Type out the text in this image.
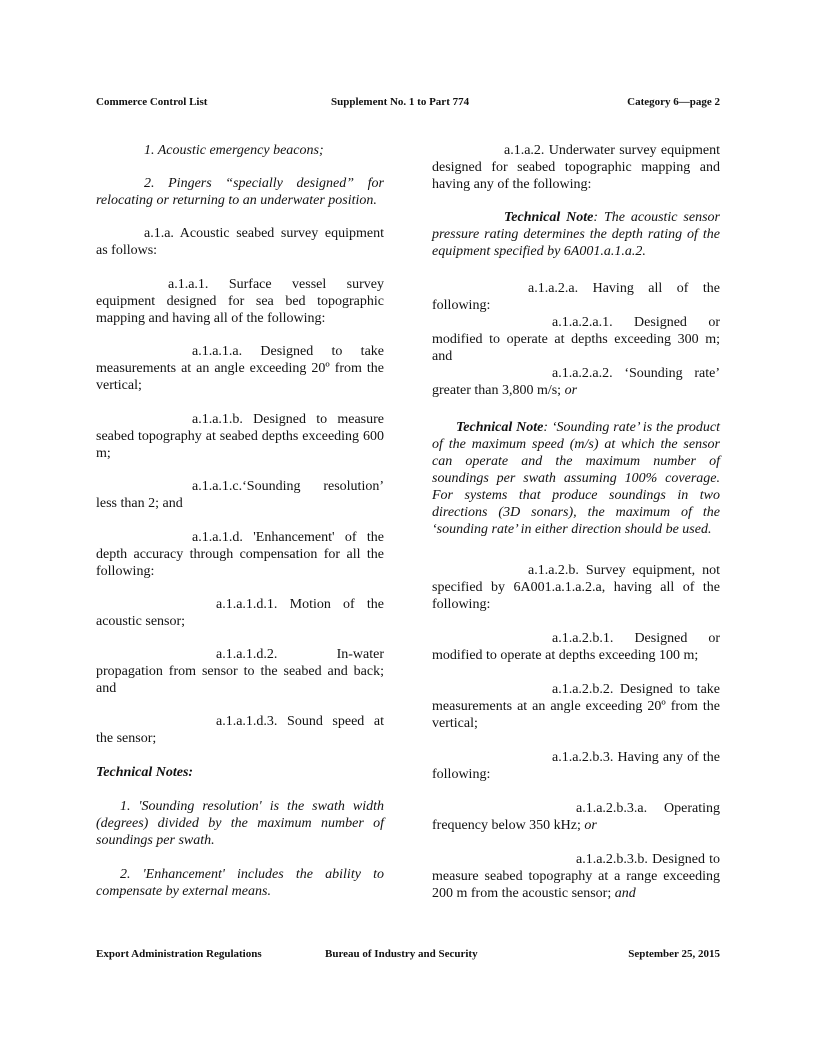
Commerce Control List	Supplement No. 1 to Part 774	Category 6—page 2

1. Acoustic emergency beacons;

2. Pingers “specially designed” for relocating or returning to an underwater position.

a.1.a. Acoustic seabed survey equipment as follows:

a.1.a.1. Surface vessel survey equipment designed for sea bed topographic mapping and having all of the following:

a.1.a.1.a. Designed to take measurements at an angle exceeding 20º from the vertical;

a.1.a.1.b. Designed to measure seabed topography at seabed depths exceeding 600 m;

a.1.a.1.c.‘Sounding resolution’ less than 2; and

a.1.a.1.d. 'Enhancement' of the depth accuracy through compensation for all the following:

a.1.a.1.d.1. Motion of the acoustic sensor;

a.1.a.1.d.2. In-water propagation from sensor to the seabed and back; and

a.1.a.1.d.3. Sound speed at the sensor;

Technical Notes:

1. 'Sounding resolution' is the swath width (degrees) divided by the maximum number of soundings per swath.

2. 'Enhancement' includes the ability to compensate by external means.

a.1.a.2. Underwater survey equipment designed for seabed topographic mapping and having any of the following:

Technical Note: The acoustic sensor pressure rating determines the depth rating of the equipment specified by 6A001.a.1.a.2.

a.1.a.2.a. Having all of the following:

a.1.a.2.a.1. Designed or modified to operate at depths exceeding 300 m; and

a.1.a.2.a.2. ‘Sounding rate’ greater than 3,800 m/s; or

Technical Note: ‘Sounding rate’ is the product of the maximum speed (m/s) at which the sensor can operate and the maximum number of soundings per swath assuming 100% coverage. For systems that produce soundings in two directions (3D sonars), the maximum of the ‘sounding rate’ in either direction should be used.

a.1.a.2.b. Survey equipment, not specified by 6A001.a.1.a.2.a, having all of the following:

a.1.a.2.b.1. Designed or modified to operate at depths exceeding 100 m;

a.1.a.2.b.2. Designed to take measurements at an angle exceeding 20º from the vertical;

a.1.a.2.b.3. Having any of the following:

a.1.a.2.b.3.a. Operating frequency below 350 kHz; or

a.1.a.2.b.3.b. Designed to measure seabed topography at a range exceeding 200 m from the acoustic sensor; and

Export Administration Regulations	Bureau of Industry and Security	September 25, 2015
